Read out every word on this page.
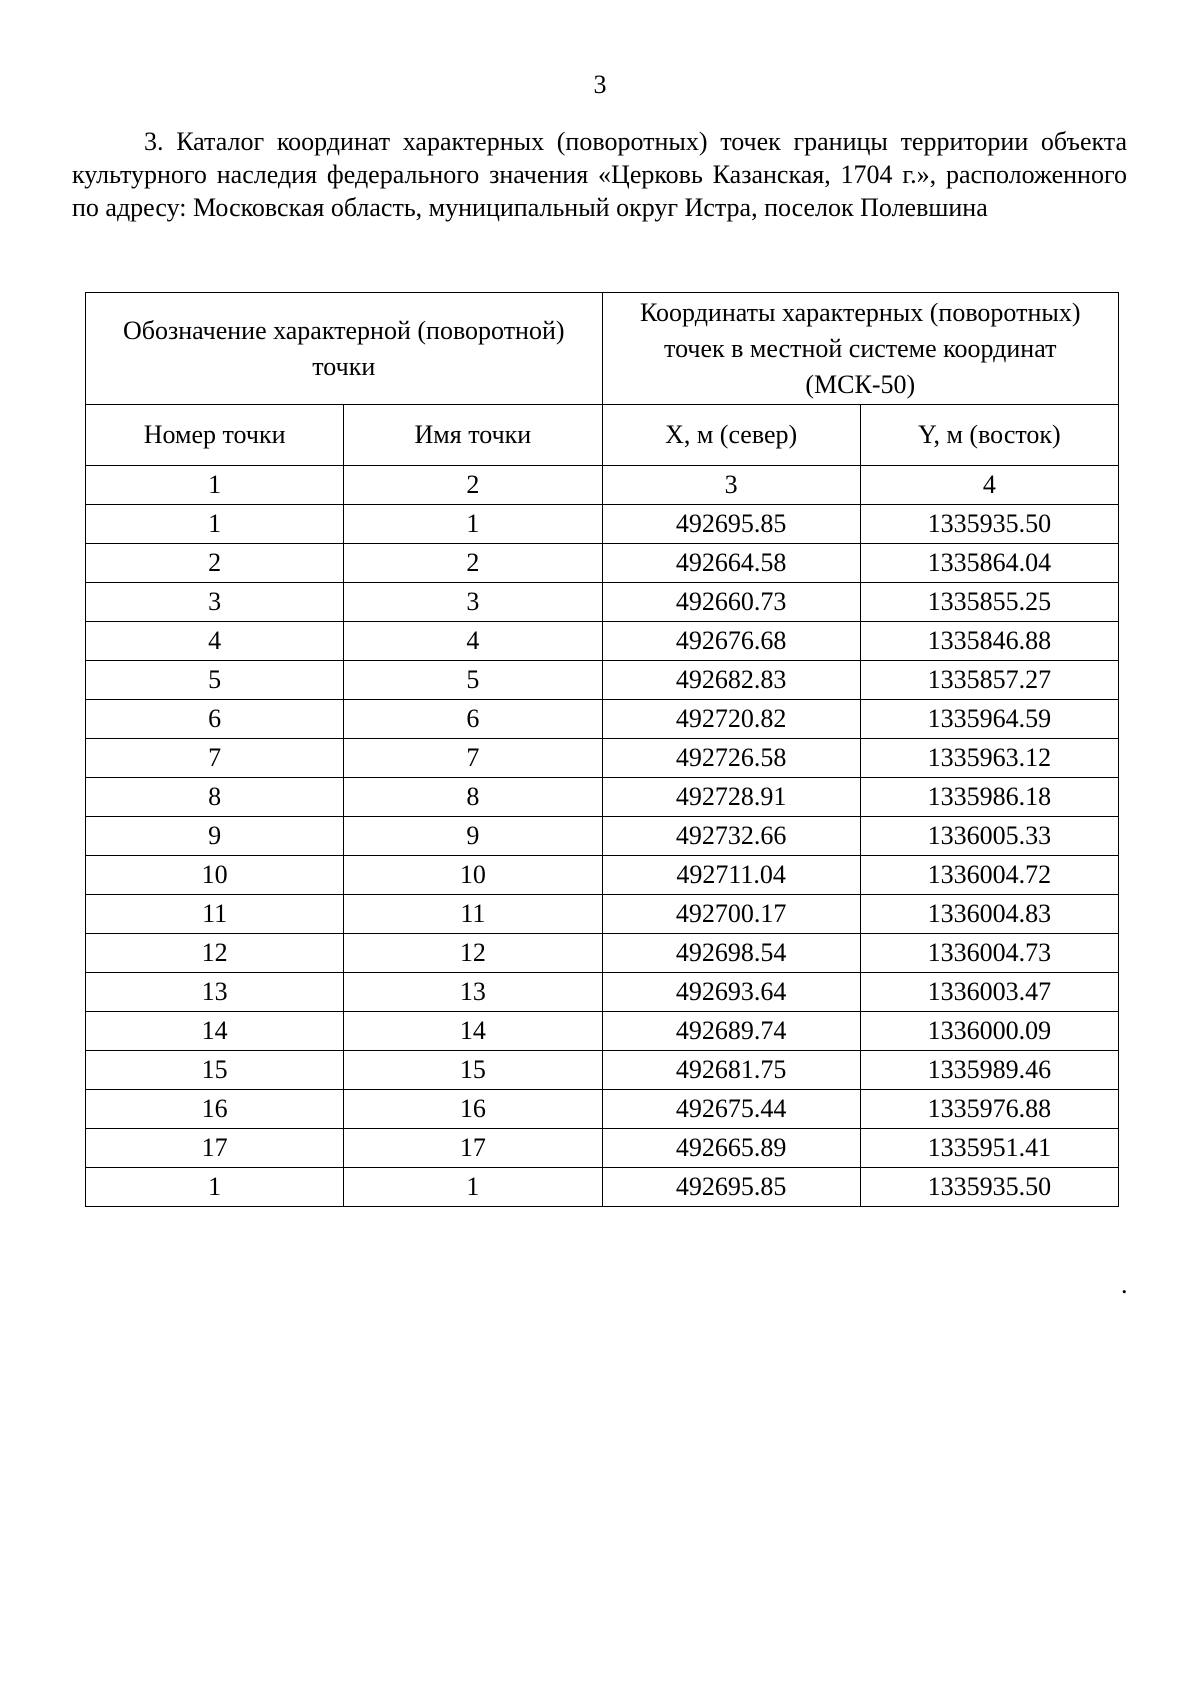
3

3. Каталог координат характерных (поворотных) точек границы территории объекта культурного наследия федерального значения «Церковь Казанская, 1704 г.», расположенного по адресу: Московская область, муниципальный округ Истра, поселок Полевшина

Обозначение характерной (поворотной) точки		Координаты характерных (поворотных) точек в местной системе координат (МСК-50)	
Номер точки	Имя точки	X, м (север)	Y, м (восток)
1	2	3	4
1	1	492695.85	1335935.50
2	2	492664.58	1335864.04
3	3	492660.73	1335855.25
4	4	492676.68	1335846.88
5	5	492682.83	1335857.27
6	6	492720.82	1335964.59
7	7	492726.58	1335963.12
8	8	492728.91	1335986.18
9	9	492732.66	1336005.33
10	10	492711.04	1336004.72
11	11	492700.17	1336004.83
12	12	492698.54	1336004.73
13	13	492693.64	1336003.47
14	14	492689.74	1336000.09
15	15	492681.75	1335989.46
16	16	492675.44	1335976.88
17	17	492665.89	1335951.41
1	1	492695.85	1335935.50
.
